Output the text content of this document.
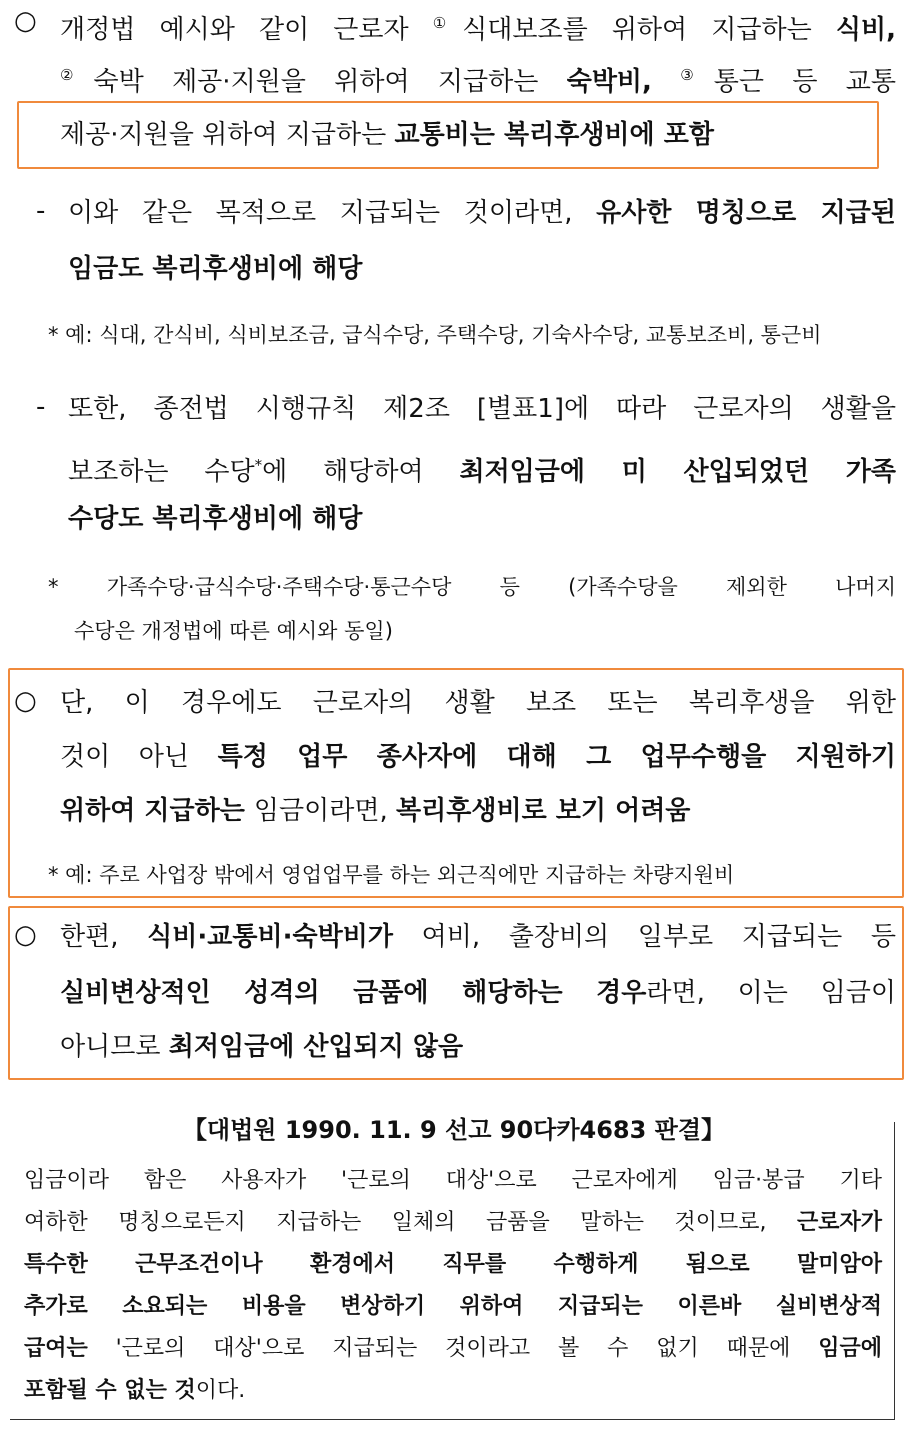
○ 개정법 예시와 같이 근로자 ①식대보조를 위하여 지급하는 식비,
②숙박 제공·지원을 위하여 지급하는 숙박비, ③통근 등 교통
제공·지원을 위하여 지급하는 교통비는 복리후생비에 포함
- 이와 같은 목적으로 지급되는 것이라면, 유사한 명칭으로 지급된
임금도 복리후생비에 해당
* 예: 식대, 간식비, 식비보조금, 급식수당, 주택수당, 기숙사수당, 교통보조비, 통근비
- 또한, 종전법 시행규칙 제2조 [별표1]에 따라 근로자의 생활을
보조하는 수당*에 해당하여 최저임금에 미 산입되었던 가족
수당도 복리후생비에 해당
* 가족수당·급식수당·주택수당·통근수당 등 (가족수당을 제외한 나머지
수당은 개정법에 따른 예시와 동일)
○ 단, 이 경우에도 근로자의 생활 보조 또는 복리후생을 위한
것이 아닌 특정 업무 종사자에 대해 그 업무수행을 지원하기
위하여 지급하는 임금이라면, 복리후생비로 보기 어려움
* 예: 주로 사업장 밖에서 영업업무를 하는 외근직에만 지급하는 차량지원비
○ 한편, 식비·교통비·숙박비가 여비, 출장비의 일부로 지급되는 등
실비변상적인 성격의 금품에 해당하는 경우라면, 이는 임금이
아니므로 최저임금에 산입되지 않음
【대법원 1990. 11. 9 선고 90다카4683 판결】
임금이라 함은 사용자가 '근로의 대상'으로 근로자에게 임금·봉급 기타
여하한 명칭으로든지 지급하는 일체의 금품을 말하는 것이므로, 근로자가
특수한 근무조건이나 환경에서 직무를 수행하게 됨으로 말미암아
추가로 소요되는 비용을 변상하기 위하여 지급되는 이른바 실비변상적
급여는 '근로의 대상'으로 지급되는 것이라고 볼 수 없기 때문에 임금에
포함될 수 없는 것이다.
